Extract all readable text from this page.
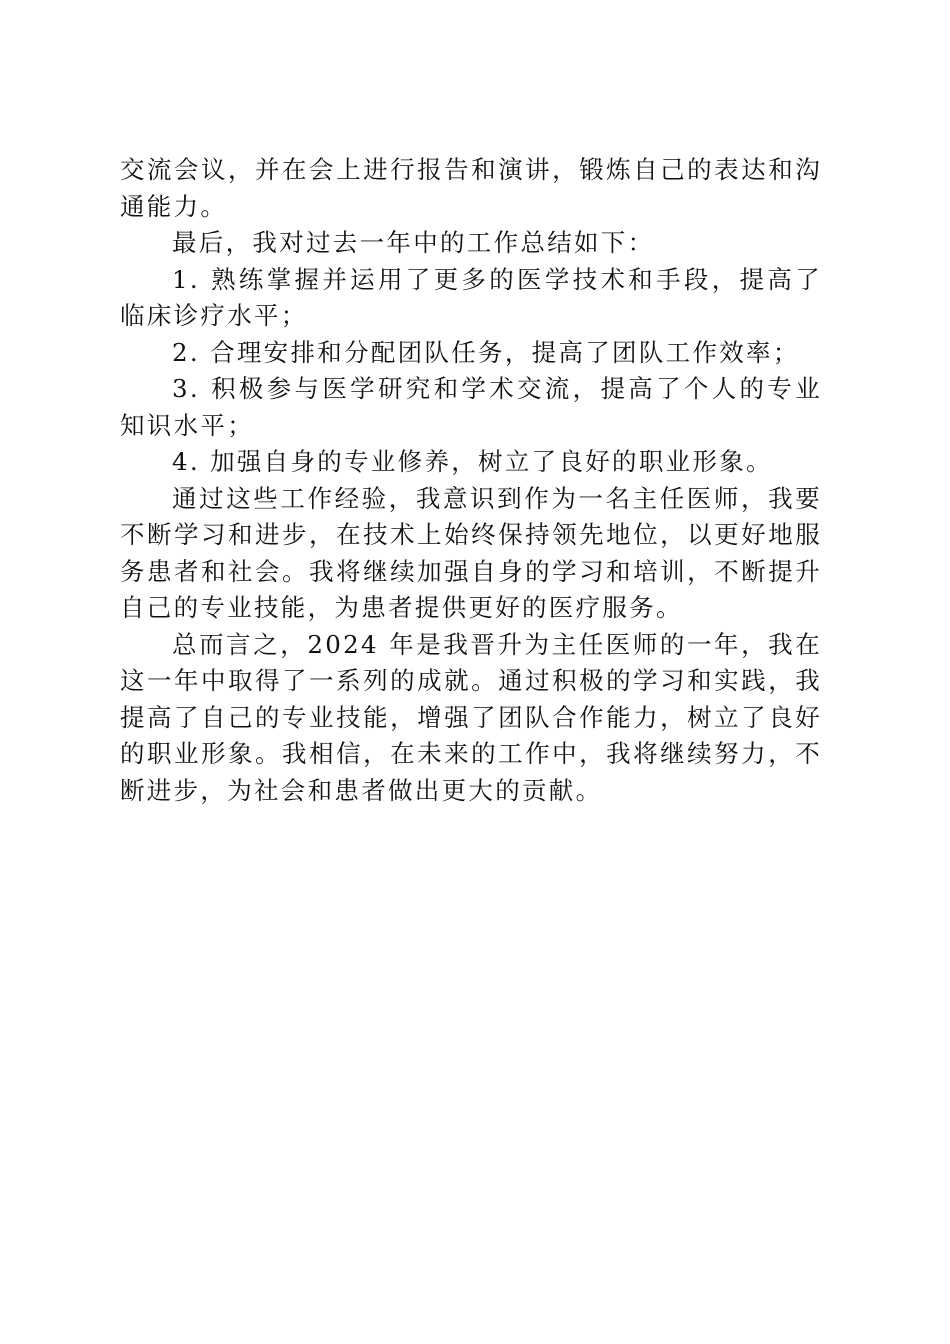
交流会议，并在会上进行报告和演讲，锻炼自己的表达和沟通能力。

最后，我对过去一年中的工作总结如下：

1. 熟练掌握并运用了更多的医学技术和手段，提高了临床诊疗水平；

2. 合理安排和分配团队任务，提高了团队工作效率；

3. 积极参与医学研究和学术交流，提高了个人的专业知识水平；

4. 加强自身的专业修养，树立了良好的职业形象。

通过这些工作经验，我意识到作为一名主任医师，我要不断学习和进步，在技术上始终保持领先地位，以更好地服务患者和社会。我将继续加强自身的学习和培训，不断提升自己的专业技能，为患者提供更好的医疗服务。

总而言之，2024 年是我晋升为主任医师的一年，我在这一年中取得了一系列的成就。通过积极的学习和实践，我提高了自己的专业技能，增强了团队合作能力，树立了良好的职业形象。我相信，在未来的工作中，我将继续努力，不断进步，为社会和患者做出更大的贡献。
